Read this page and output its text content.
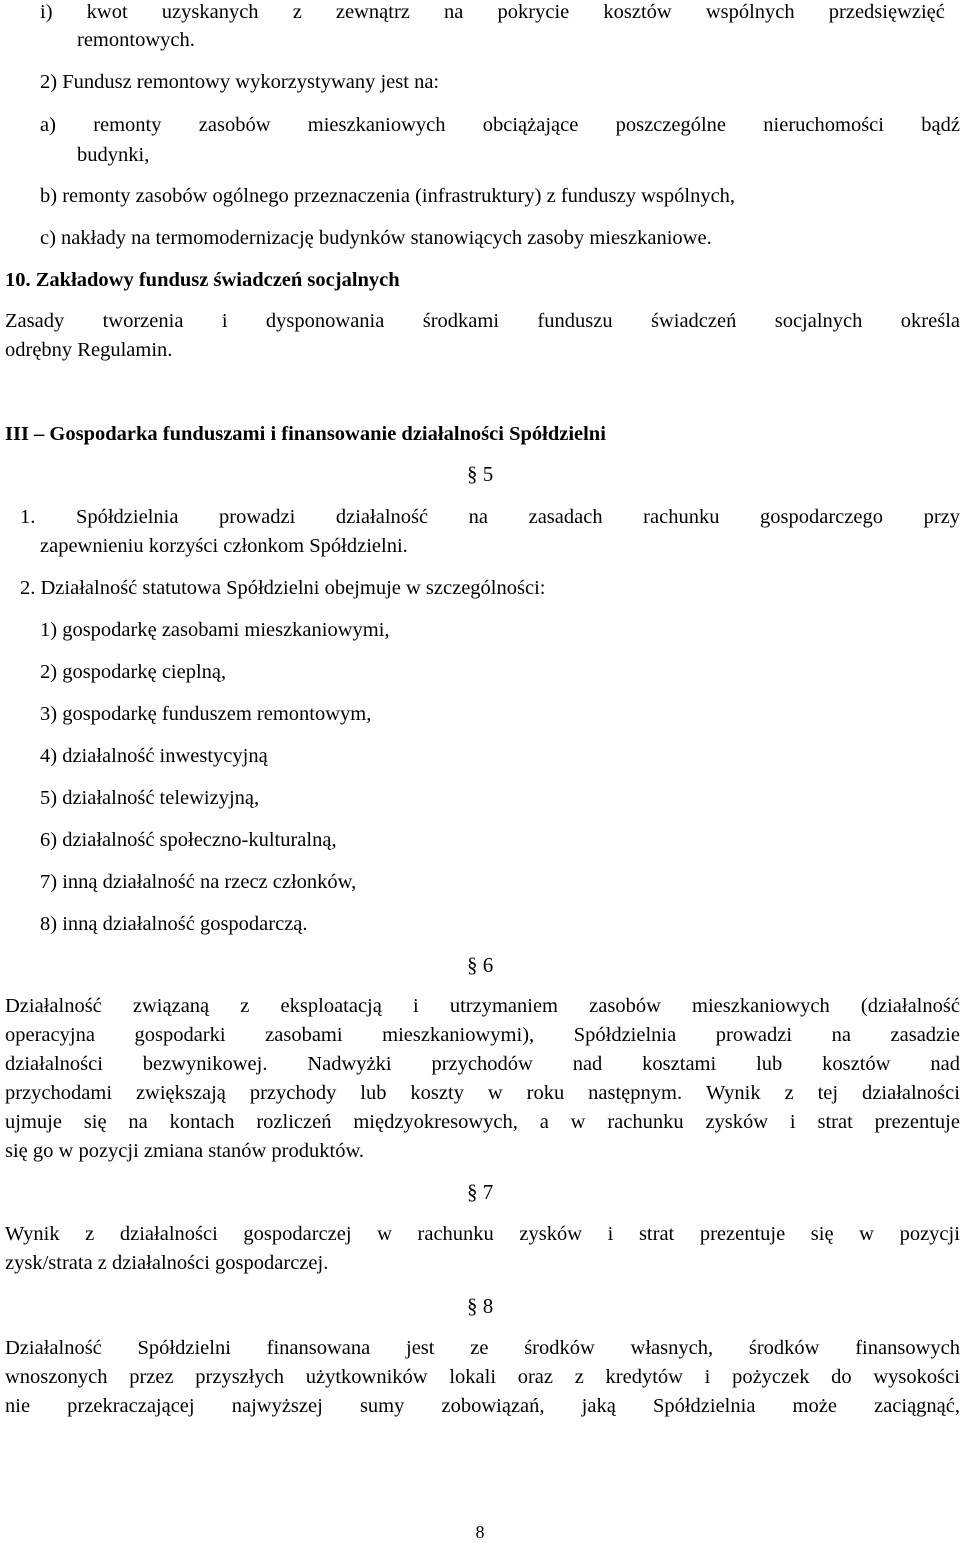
i) kwot uzyskanych z zewnątrz na pokrycie kosztów wspólnych przedsięwzięć
remontowych.
2) Fundusz remontowy wykorzystywany jest na:
a) remonty zasobów mieszkaniowych obciążające poszczególne nieruchomości bądź
budynki,
b) remonty zasobów ogólnego przeznaczenia (infrastruktury) z funduszy wspólnych,
c) nakłady na termomodernizację budynków stanowiących zasoby mieszkaniowe.
10. Zakładowy fundusz świadczeń socjalnych
Zasady tworzenia i dysponowania środkami funduszu świadczeń socjalnych określa
odrębny Regulamin.
III – Gospodarka funduszami i finansowanie działalności Spółdzielni
§ 5
1. Spółdzielnia prowadzi działalność na zasadach rachunku gospodarczego przy
zapewnieniu korzyści członkom Spółdzielni.
2. Działalność statutowa Spółdzielni obejmuje w szczególności:
1) gospodarkę zasobami mieszkaniowymi,
2) gospodarkę cieplną,
3) gospodarkę funduszem remontowym,
4) działalność inwestycyjną
5) działalność telewizyjną,
6) działalność społeczno-kulturalną,
7) inną działalność na rzecz członków,
8) inną działalność gospodarczą.
§ 6
Działalność związaną z eksploatacją i utrzymaniem zasobów mieszkaniowych (działalność
operacyjna gospodarki zasobami mieszkaniowymi), Spółdzielnia prowadzi na zasadzie
działalności bezwynikowej. Nadwyżki przychodów nad kosztami lub kosztów nad
przychodami zwiększają przychody lub koszty w roku następnym. Wynik z tej działalności
ujmuje się na kontach rozliczeń międzyokresowych, a w rachunku zysków i strat prezentuje
się go w pozycji zmiana stanów produktów.
§ 7
Wynik z działalności gospodarczej w rachunku zysków i strat prezentuje się w pozycji
zysk/strata z działalności gospodarczej.
§ 8
Działalność Spółdzielni finansowana jest ze środków własnych, środków finansowych
wnoszonych przez przyszłych użytkowników lokali oraz z kredytów i pożyczek do wysokości
nie przekraczającej najwyższej sumy zobowiązań, jaką Spółdzielnia może zaciągnąć,
8
